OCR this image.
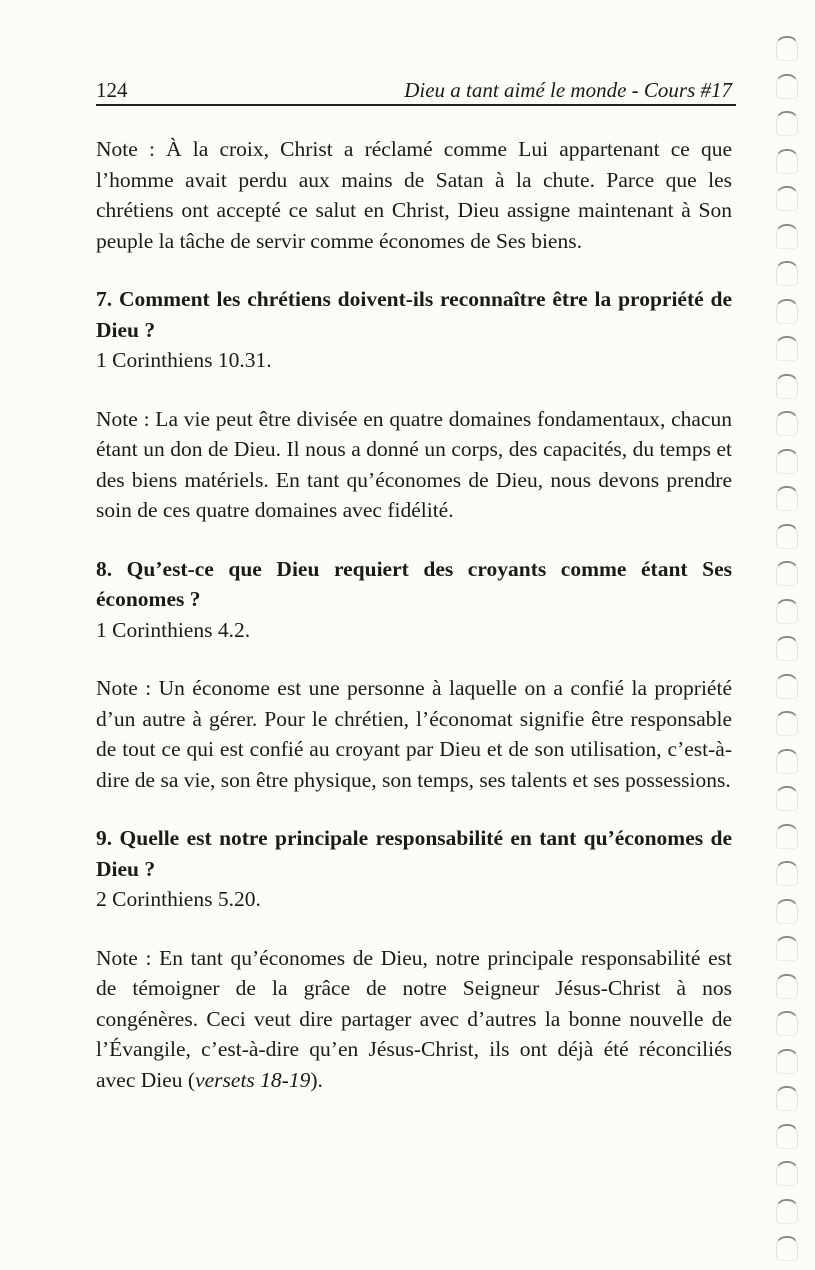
124	Dieu a tant aimé le monde - Cours #17

Note : À la croix, Christ a réclamé comme Lui appartenant ce que l’homme avait perdu aux mains de Satan à la chute. Parce que les chrétiens ont accepté ce salut en Christ, Dieu assigne maintenant à Son peuple la tâche de servir comme économes de Ses biens.

7. Comment les chrétiens doivent-ils reconnaître être la propriété de Dieu ?

1 Corinthiens 10.31.

Note : La vie peut être divisée en quatre domaines fondamentaux, chacun étant un don de Dieu. Il nous a donné un corps, des capacités, du temps et des biens matériels. En tant qu’économes de Dieu, nous devons prendre soin de ces quatre domaines avec fidélité.

8. Qu’est-ce que Dieu requiert des croyants comme étant Ses économes ?

1 Corinthiens 4.2.

Note : Un économe est une personne à laquelle on a confié la propriété d’un autre à gérer. Pour le chrétien, l’économat signifie être responsable de tout ce qui est confié au croyant par Dieu et de son utilisation, c’est-à-dire de sa vie, son être physique, son temps, ses talents et ses possessions.

9. Quelle est notre principale responsabilité en tant qu’économes de Dieu ?

2 Corinthiens 5.20.

Note : En tant qu’économes de Dieu, notre principale responsabilité est de témoigner de la grâce de notre Seigneur Jésus-Christ à nos congénères. Ceci veut dire partager avec d’autres la bonne nouvelle de l’Évangile, c’est-à-dire qu’en Jésus-Christ, ils ont déjà été réconciliés avec Dieu (versets 18-19).
